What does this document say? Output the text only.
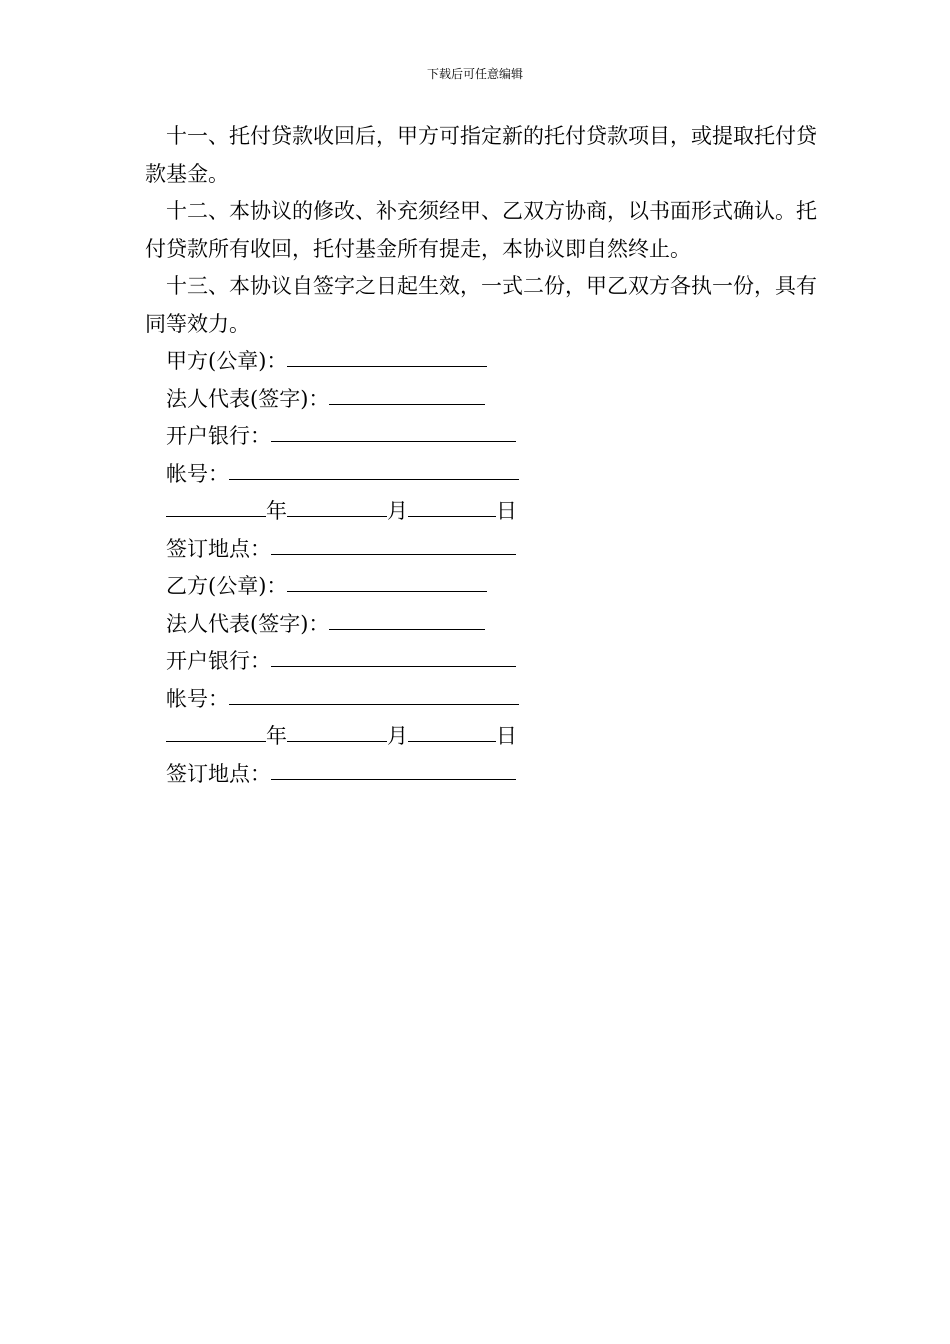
下载后可任意编辑

十一、托付贷款收回后，甲方可指定新的托付贷款项目，或提取托付贷款基金。

十二、本协议的修改、补充须经甲、乙双方协商，以书面形式确认。托付贷款所有收回，托付基金所有提走，本协议即自然终止。

十三、本协议自签字之日起生效，一式二份，甲乙双方各执一份，具有同等效力。

甲方(公章)：
法人代表(签字)：
开户银行：
帐号：
年	月	日
签订地点：
乙方(公章)：
法人代表(签字)：
开户银行：
帐号：
年	月	日
签订地点：
